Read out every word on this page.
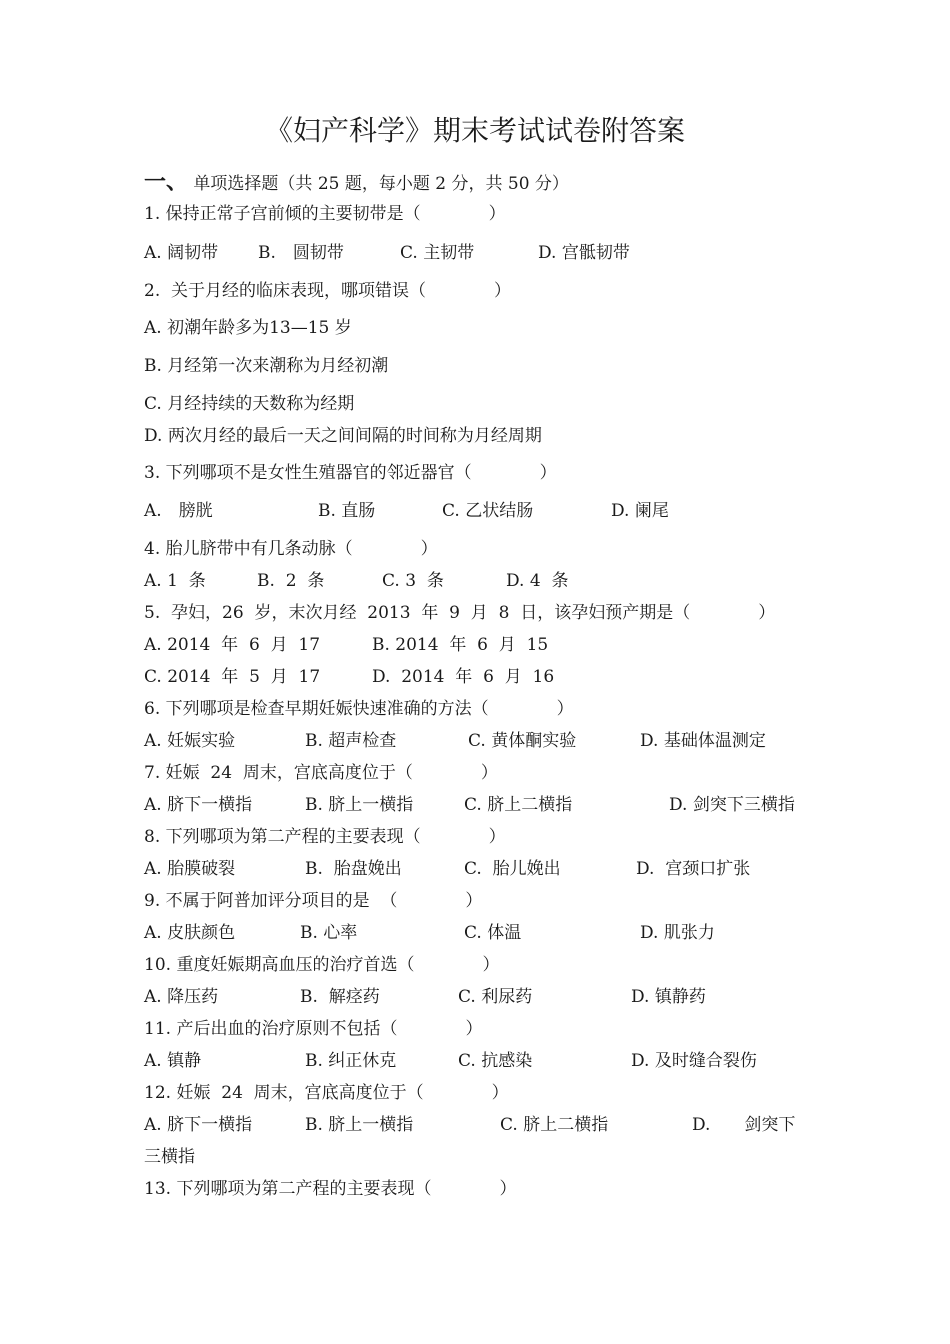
《妇产科学》期末考试试卷附答案
一、 单项选择题（共 25 题，每小题 2 分，共 50 分）
1. 保持正常子宫前倾的主要韧带是（　　　　）
A. 阔韧带 B.　圆韧带	C. 主韧带	D. 宫骶韧带
2.  关于月经的临床表现，哪项错误（　　　　）
A. 初潮年龄多为13—15 岁
B. 月经第一次来潮称为月经初潮
C. 月经持续的天数称为经期
D. 两次月经的最后一天之间间隔的时间称为月经周期
3. 下列哪项不是女性生殖器官的邻近器官（　　　　）
A.　膀胱	B. 直肠	C. 乙状结肠	D. 阑尾
4. 胎儿脐带中有几条动脉（　　　　）
A. 1  条	B.  2  条	C. 3  条	D. 4  条
5.  孕妇，26  岁，末次月经  2013  年  9  月  8  日，该孕妇预产期是（　　　　）
A. 2014  年  6  月  17	B. 2014  年  6  月  15
C. 2014  年  5  月  17	D.  2014  年  6  月  16
6. 下列哪项是检查早期妊娠快速准确的方法（　　　　）
A. 妊娠实验	B. 超声检查	C. 黄体酮实验	D. 基础体温测定
7. 妊娠  24  周末，宫底高度位于（　　　　）
A. 脐下一横指	B. 脐上一横指	C. 脐上二横指	D. 剑突下三横指
8. 下列哪项为第二产程的主要表现（　　　　）
A. 胎膜破裂	B.  胎盘娩出	C.  胎儿娩出	D.  宫颈口扩张
9. 不属于阿普加评分项目的是  （　　　　）
A. 皮肤颜色	B. 心率	C. 体温	D. 肌张力
10. 重度妊娠期高血压的治疗首选（　　　　）
A. 降压药	B.  解痉药	C. 利尿药	D. 镇静药
11. 产后出血的治疗原则不包括（　　　　）
A. 镇静	B. 纠正休克	C. 抗感染	D. 及时缝合裂伤
12. 妊娠  24  周末，宫底高度位于（　　　　）
A. 脐下一横指	B. 脐上一横指	C. 脐上二横指	D.　　剑突下
三横指
13. 下列哪项为第二产程的主要表现（　　　　）
